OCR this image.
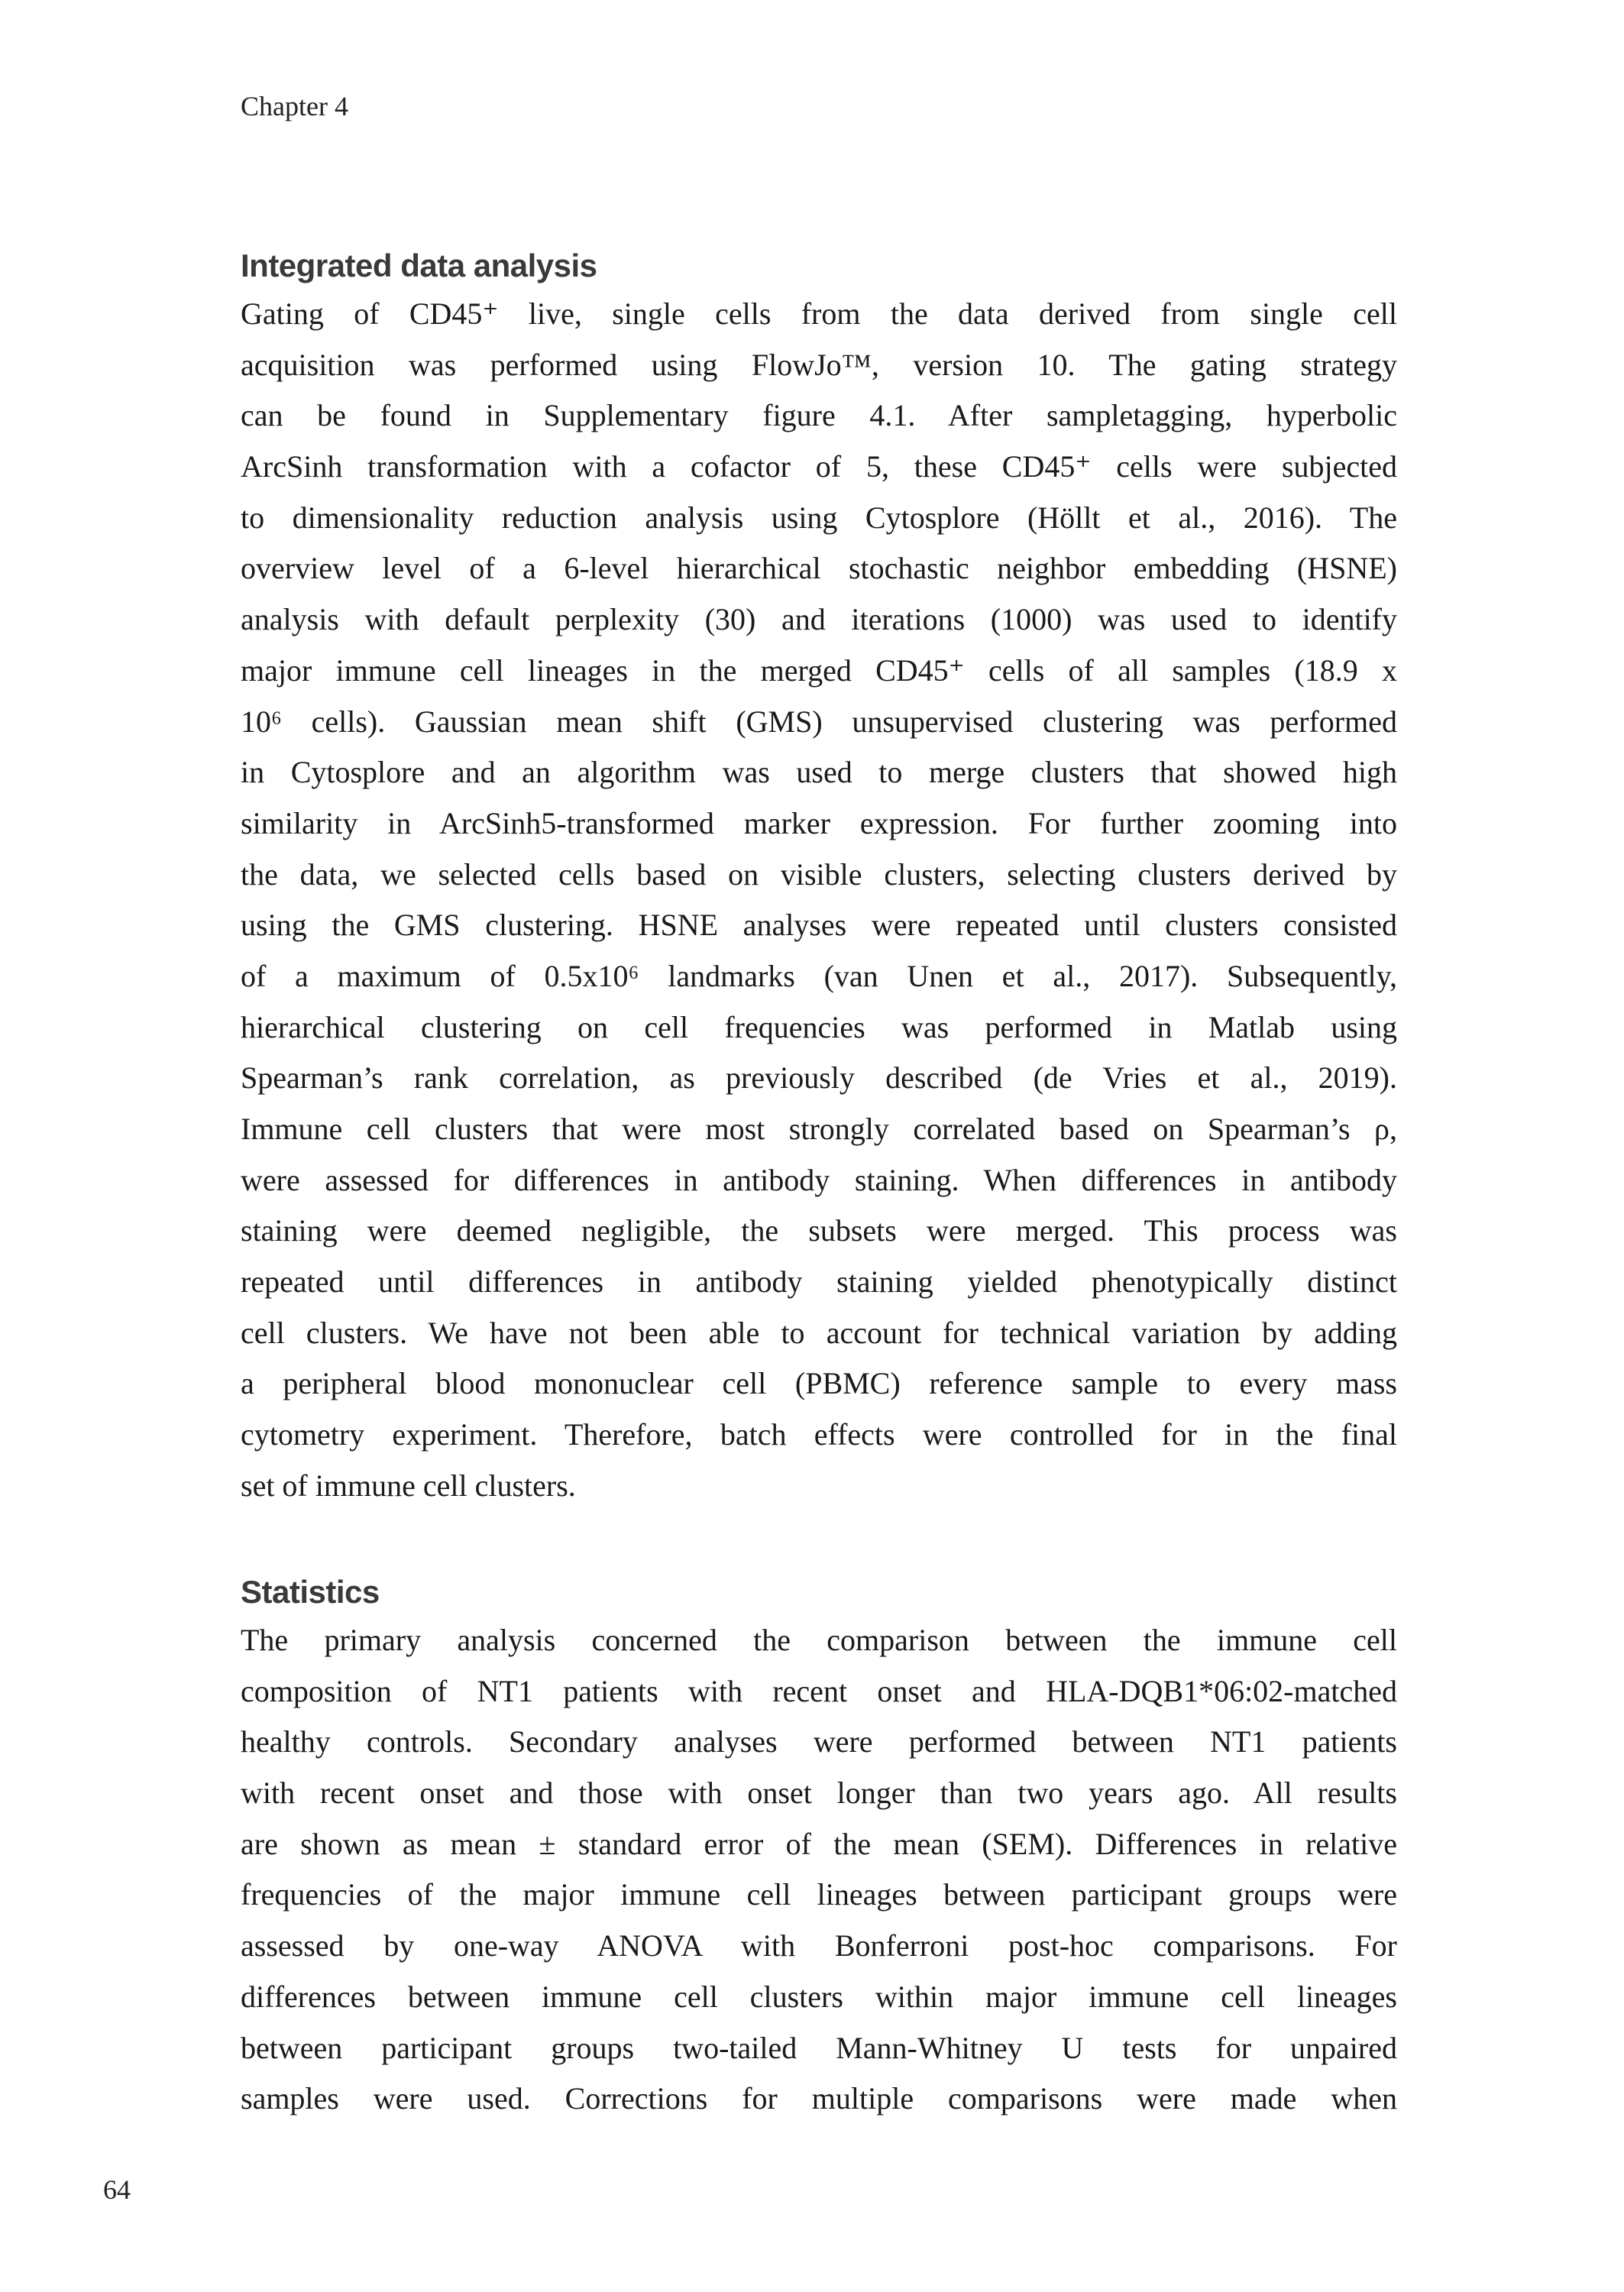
Chapter 4
Integrated data analysis
Gating of CD45⁺ live, single cells from the data derived from single cell
acquisition was performed using FlowJo™, version 10. The gating strategy
can be found in Supplementary figure 4.1. After sampletagging, hyperbolic
ArcSinh transformation with a cofactor of 5, these CD45⁺ cells were subjected
to dimensionality reduction analysis using Cytosplore (Höllt et al., 2016). The
overview level of a 6-level hierarchical stochastic neighbor embedding (HSNE)
analysis with default perplexity (30) and iterations (1000) was used to identify
major immune cell lineages in the merged CD45⁺ cells of all samples (18.9 x
10⁶ cells). Gaussian mean shift (GMS) unsupervised clustering was performed
in Cytosplore and an algorithm was used to merge clusters that showed high
similarity in ArcSinh5-transformed marker expression. For further zooming into
the data, we selected cells based on visible clusters, selecting clusters derived by
using the GMS clustering. HSNE analyses were repeated until clusters consisted
of a maximum of 0.5x10⁶ landmarks (van Unen et al., 2017). Subsequently,
hierarchical clustering on cell frequencies was performed in Matlab using
Spearman’s rank correlation, as previously described (de Vries et al., 2019).
Immune cell clusters that were most strongly correlated based on Spearman’s ρ,
were assessed for differences in antibody staining. When differences in antibody
staining were deemed negligible, the subsets were merged. This process was
repeated until differences in antibody staining yielded phenotypically distinct
cell clusters. We have not been able to account for technical variation by adding
a peripheral blood mononuclear cell (PBMC) reference sample to every mass
cytometry experiment. Therefore, batch effects were controlled for in the final
set of immune cell clusters.
Statistics
The primary analysis concerned the comparison between the immune cell
composition of NT1 patients with recent onset and HLA-DQB1*06:02-matched
healthy controls. Secondary analyses were performed between NT1 patients
with recent onset and those with onset longer than two years ago. All results
are shown as mean ± standard error of the mean (SEM). Differences in relative
frequencies of the major immune cell lineages between participant groups were
assessed by one-way ANOVA with Bonferroni post-hoc comparisons. For
differences between immune cell clusters within major immune cell lineages
between participant groups two-tailed Mann-Whitney U tests for unpaired
samples were used. Corrections for multiple comparisons were made when
64
